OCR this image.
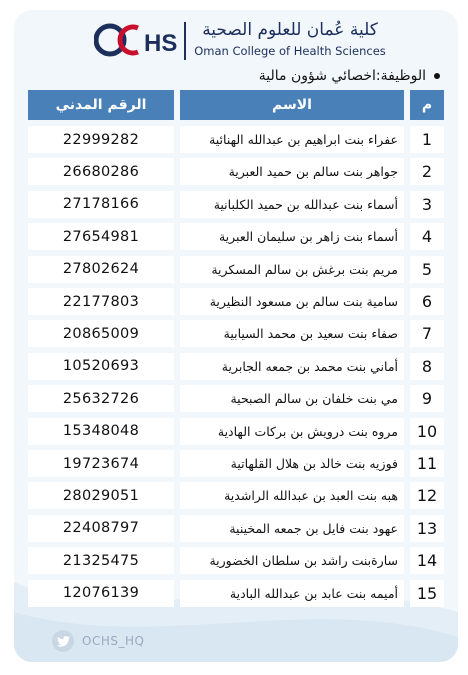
HS	كلية عُمان للعلوم الصحية
Oman College of Health Sciences
الوظيفة:اخصائي شؤون مالية
م
الاسم
الرقم المدني
1
عفراء بنت ابراهيم بن عبدالله الهنائية
22999282
2
جواهر بنت سالم بن حميد العبرية
26680286
3
أسماء بنت عبدالله بن حميد الكلبانية
27178166
4
أسماء بنت زاهر بن سليمان العبرية
27654981
5
مريم بنت برغش بن سالم المسكرية
27802624
6
سامية بنت سالم بن مسعود النظيرية
22177803
7
صفاء بنت سعيد بن محمد السيابية
20865009
8
أماني بنت محمد بن جمعه الجابرية
10520693
9
مي بنت خلفان بن سالم الصبحية
25632726
10
مروه بنت درويش بن بركات الهادية
15348048
11
فوزيه بنت خالد بن هلال القلهاتية
19723674
12
هبه بنت العبد بن عبدالله الراشدية
28029051
13
عهود بنت فايل بن جمعه المخينية
22408797
14
سارةبنت راشد بن سلطان الخضورية
21325475
15
أميمه بنت عابد بن عبدالله البادية
12076139
OCHS_HQ
